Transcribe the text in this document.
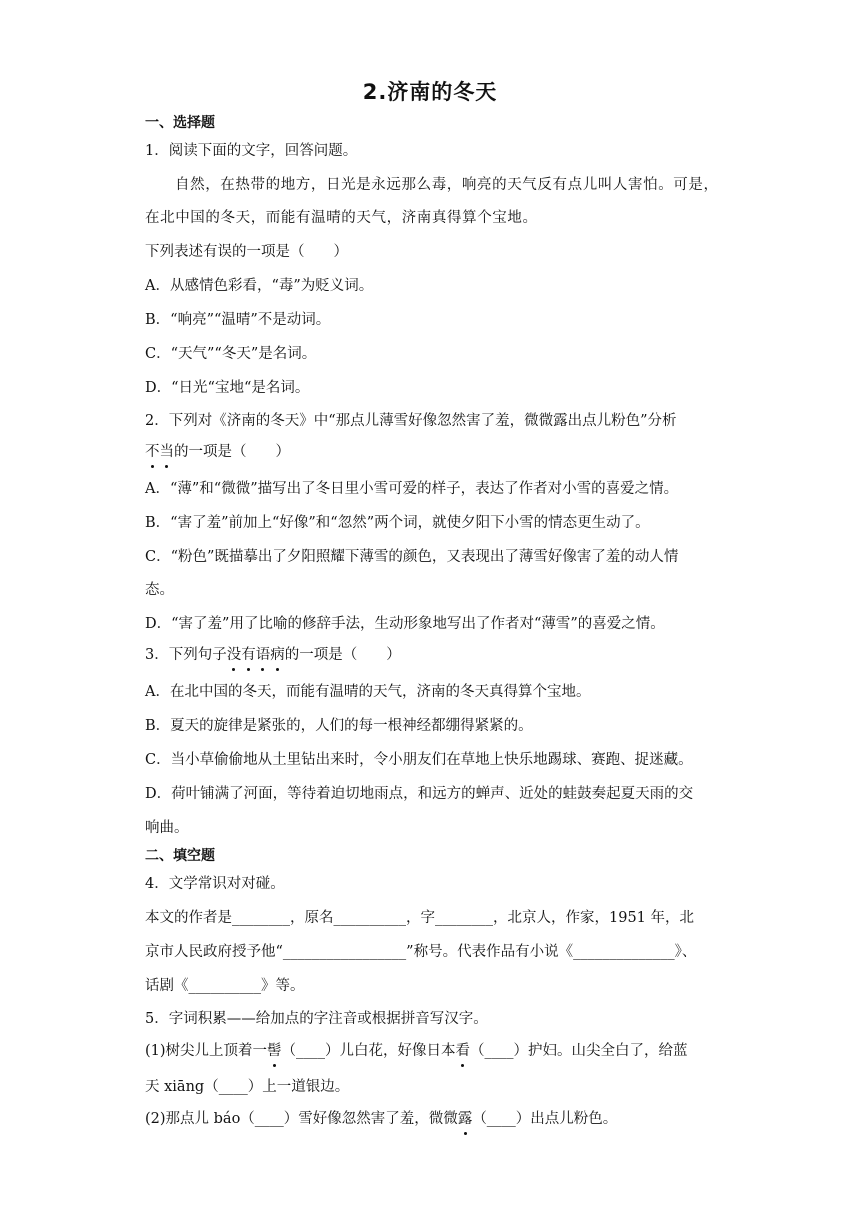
2.济南的冬天
一、选择题
1．阅读下面的文字，回答问题。
自然，在热带的地方，日光是永远那么毒，响亮的天气反有点儿叫人害怕。可是，
在北中国的冬天，而能有温晴的天气，济南真得算个宝地。
下列表述有误的一项是（　　）
A．从感情色彩看，“毒”为贬义词。
B．“响亮”“温晴”不是动词。
C．“天气”“冬天”是名词。
D．“日光“宝地“是名词。
2．下列对《济南的冬天》中“那点儿薄雪好像忽然害了羞，微微露出点儿粉色”分析
不当的一项是（　　）
A．“薄”和“微微”描写出了冬日里小雪可爱的样子，表达了作者对小雪的喜爱之情。
B．“害了羞”前加上“好像”和“忽然”两个词，就使夕阳下小雪的情态更生动了。
C．“粉色”既描摹出了夕阳照耀下薄雪的颜色，又表现出了薄雪好像害了羞的动人情
态。
D．“害了羞”用了比喻的修辞手法，生动形象地写出了作者对“薄雪”的喜爱之情。
3．下列句子没有语病的一项是（　　）
A．在北中国的冬天，而能有温晴的天气，济南的冬天真得算个宝地。
B．夏天的旋律是紧张的，人们的每一根神经都绷得紧紧的。
C．当小草偷偷地从土里钻出来时，令小朋友们在草地上快乐地踢球、赛跑、捉迷藏。
D．荷叶铺满了河面，等待着迫切地雨点，和远方的蝉声、近处的蛙鼓奏起夏天雨的交
响曲。
二、填空题
4．文学常识对对碰。
本文的作者是________，原名__________，字________，北京人，作家，1951 年，北
京市人民政府授予他“_________________”称号。代表作品有小说《______________》、
话剧《__________》等。
5．字词积累——给加点的字注音或根据拼音写汉字。
(1)树尖儿上顶着一髻（____）儿白花，好像日本看（____）护妇。山尖全白了，给蓝
天 xiāng（____）上一道银边。
(2)那点儿 báo（____）雪好像忽然害了羞，微微露（____）出点儿粉色。
